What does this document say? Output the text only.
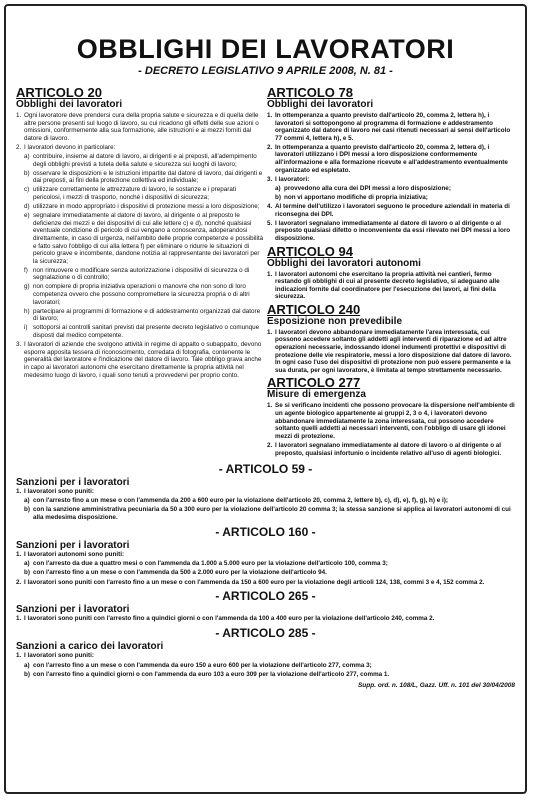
OBBLIGHI DEI LAVORATORI
- DECRETO LEGISLATIVO 9 APRILE 2008, N. 81 -
ARTICOLO 20
Obblighi dei lavoratori
1. Ogni lavoratore deve prendersi cura della propria salute e sicurezza e di quella delle altre persone presenti sul luogo di lavoro, su cui ricadono gli effetti delle sue azioni o omissioni, conformemente alla sua formazione, alle istruzioni e ai mezzi forniti dal datore di lavoro.
2. I lavoratori devono in particolare:
a) contribuire, insieme al datore di lavoro, ai dirigenti e ai preposti, all'adempimento degli obblighi previsti a tutela della salute e sicurezza sui luoghi di lavoro;
b) osservare le disposizioni e le istruzioni impartite dal datore di lavoro, dai dirigenti e dai preposti, ai fini della protezione collettiva ed individuale;
c) utilizzare correttamente le attrezzature di lavoro, le sostanze e i preparati pericolosi, i mezzi di trasporto, nonché i dispositivi di sicurezza;
d) utilizzare in modo appropriato i dispositivi di protezione messi a loro disposizione;
e) segnalare immediatamente al datore di lavoro, al dirigente o al preposto le deficienze dei mezzi e dei dispositivi di cui alle lettere c) e d), nonché qualsiasi eventuale condizione di pericolo di cui vengano a conoscenza, adoperandosi direttamente, in caso di urgenza, nell'ambito delle proprie competenze e possibilità e fatto salvo l'obbligo di cui alla lettera f) per eliminare o ridurre le situazioni di pericolo grave e incombente, dandone notizia al rappresentante dei lavoratori per la sicurezza;
f) non rimuovere o modificare senza autorizzazione i dispositivi di sicurezza o di segnalazione o di controllo;
g) non compiere di propria iniziativa operazioni o manovre che non sono di loro competenza ovvero che possono compromettere la sicurezza propria o di altri lavoratori;
h) partecipare ai programmi di formazione e di addestramento organizzati dal datore di lavoro;
i) sottoporsi ai controlli sanitari previsti dal presente decreto legislativo o comunque disposti dal medico competente.
3. I lavoratori di aziende che svolgono attività in regime di appalto o subappalto, devono esporre apposita tessera di riconoscimento, corredata di fotografia, contenente le generalità del lavoratore e l'indicazione del datore di lavoro. Tale obbligo grava anche in capo ai lavoratori autonomi che esercitano direttamente la propria attività nel medesimo luogo di lavoro, i quali sono tenuti a provvedervi per proprio conto.
ARTICOLO 78
Obblighi dei lavoratori
1. In ottemperanza a quanto previsto dall'articolo 20, comma 2, lettera h), i lavoratori si sottopongono al programma di formazione e addestramento organizzato dal datore di lavoro nei casi ritenuti necessari ai sensi dell'articolo 77 commi 4, lettera h), e 5.
2. In ottemperanza a quanto previsto dall'articolo 20, comma 2, lettera d), i lavoratori utilizzano i DPI messi a loro disposizione conformemente all'informazione e alla formazione ricevute e all'addestramento eventualmente organizzato ed espletato.
3. I lavoratori:
a) provvedono alla cura dei DPI messi a loro disposizione;
b) non vi apportano modifiche di propria iniziativa;
4. Al termine dell'utilizzo i lavoratori seguono le procedure aziendali in materia di riconsegna dei DPI.
5. I lavoratori segnalano immediatamente al datore di lavoro o al dirigente o al preposto qualsiasi difetto o inconveniente da essi rilevato nei DPI messi a loro disposizione.
ARTICOLO 94
Obblighi dei lavoratori autonomi
1. I lavoratori autonomi che esercitano la propria attività nei cantieri, fermo restando gli obblighi di cui al presente decreto legislativo, si adeguano alle indicazioni fornite dal coordinatore per l'esecuzione dei lavori, ai fini della sicurezza.
ARTICOLO 240
Esposizione non prevedibile
1. I lavoratori devono abbandonare immediatamente l'area interessata, cui possono accedere soltanto gli addetti agli interventi di riparazione ed ad altre operazioni necessarie, indossando idonei indumenti protettivi e dispositivi di protezione delle vie respiratorie, messi a loro disposizione dal datore di lavoro. In ogni caso l'uso dei dispositivi di protezione non può essere permanente e la sua durata, per ogni lavoratore, è limitata al tempo strettamente necessario.
ARTICOLO 277
Misure di emergenza
1. Se si verificano incidenti che possono provocare la dispersione nell'ambiente di un agente biologico appartenente ai gruppi 2, 3 o 4, i lavoratori devono abbandonare immediatamente la zona interessata, cui possono accedere soltanto quelli addetti ai necessari interventi, con l'obbligo di usare gli idonei mezzi di protezione.
2. I lavoratori segnalano immediatamente al datore di lavoro o al dirigente o al preposto, qualsiasi infortunio o incidente relativo all'uso di agenti biologici.
- ARTICOLO 59 -
Sanzioni per i lavoratori
1. I lavoratori sono puniti:
a) con l'arresto fino a un mese o con l'ammenda da 200 a 600 euro per la violazione dell'articolo 20, comma 2, lettere b), c), d), e), f), g), h) e i);
b) con la sanzione amministrativa pecuniaria da 50 a 300 euro per la violazione dell'articolo 20 comma 3; la stessa sanzione si applica ai lavoratori autonomi di cui alla medesima disposizione.
- ARTICOLO 160 -
Sanzioni per i lavoratori
1. I lavoratori autonomi sono puniti:
a) con l'arresto da due a quattro mesi o con l'ammenda da 1.000 a 5.000 euro per la violazione dell'articolo 100, comma 3;
b) con l'arresto fino a un mese o con l'ammenda da 500 a 2.000 euro per la violazione dell'articolo 94.
2. I lavoratori sono puniti con l'arresto fino a un mese o con l'ammenda da 150 a 600 euro per la violazione degli articoli 124, 138, commi 3 e 4, 152 comma 2.
- ARTICOLO 265 -
Sanzioni per i lavoratori
1. I lavoratori sono puniti con l'arresto fino a quindici giorni o con l'ammenda da 100 a 400 euro per la violazione dell'articolo 240, comma 2.
- ARTICOLO 285 -
Sanzioni a carico dei lavoratori
1. I lavoratori sono puniti:
a) con l'arresto fino a un mese o con l'ammenda da euro 150 a euro 600 per la violazione dell'articolo 277, comma 3;
b) con l'arresto fino a quindici giorni o con l'ammenda da euro 103 a euro 309 per la violazione dell'articolo 277, comma 1.
Supp. ord. n. 108/L, Gazz. Uff. n. 101 del 30/04/2008
